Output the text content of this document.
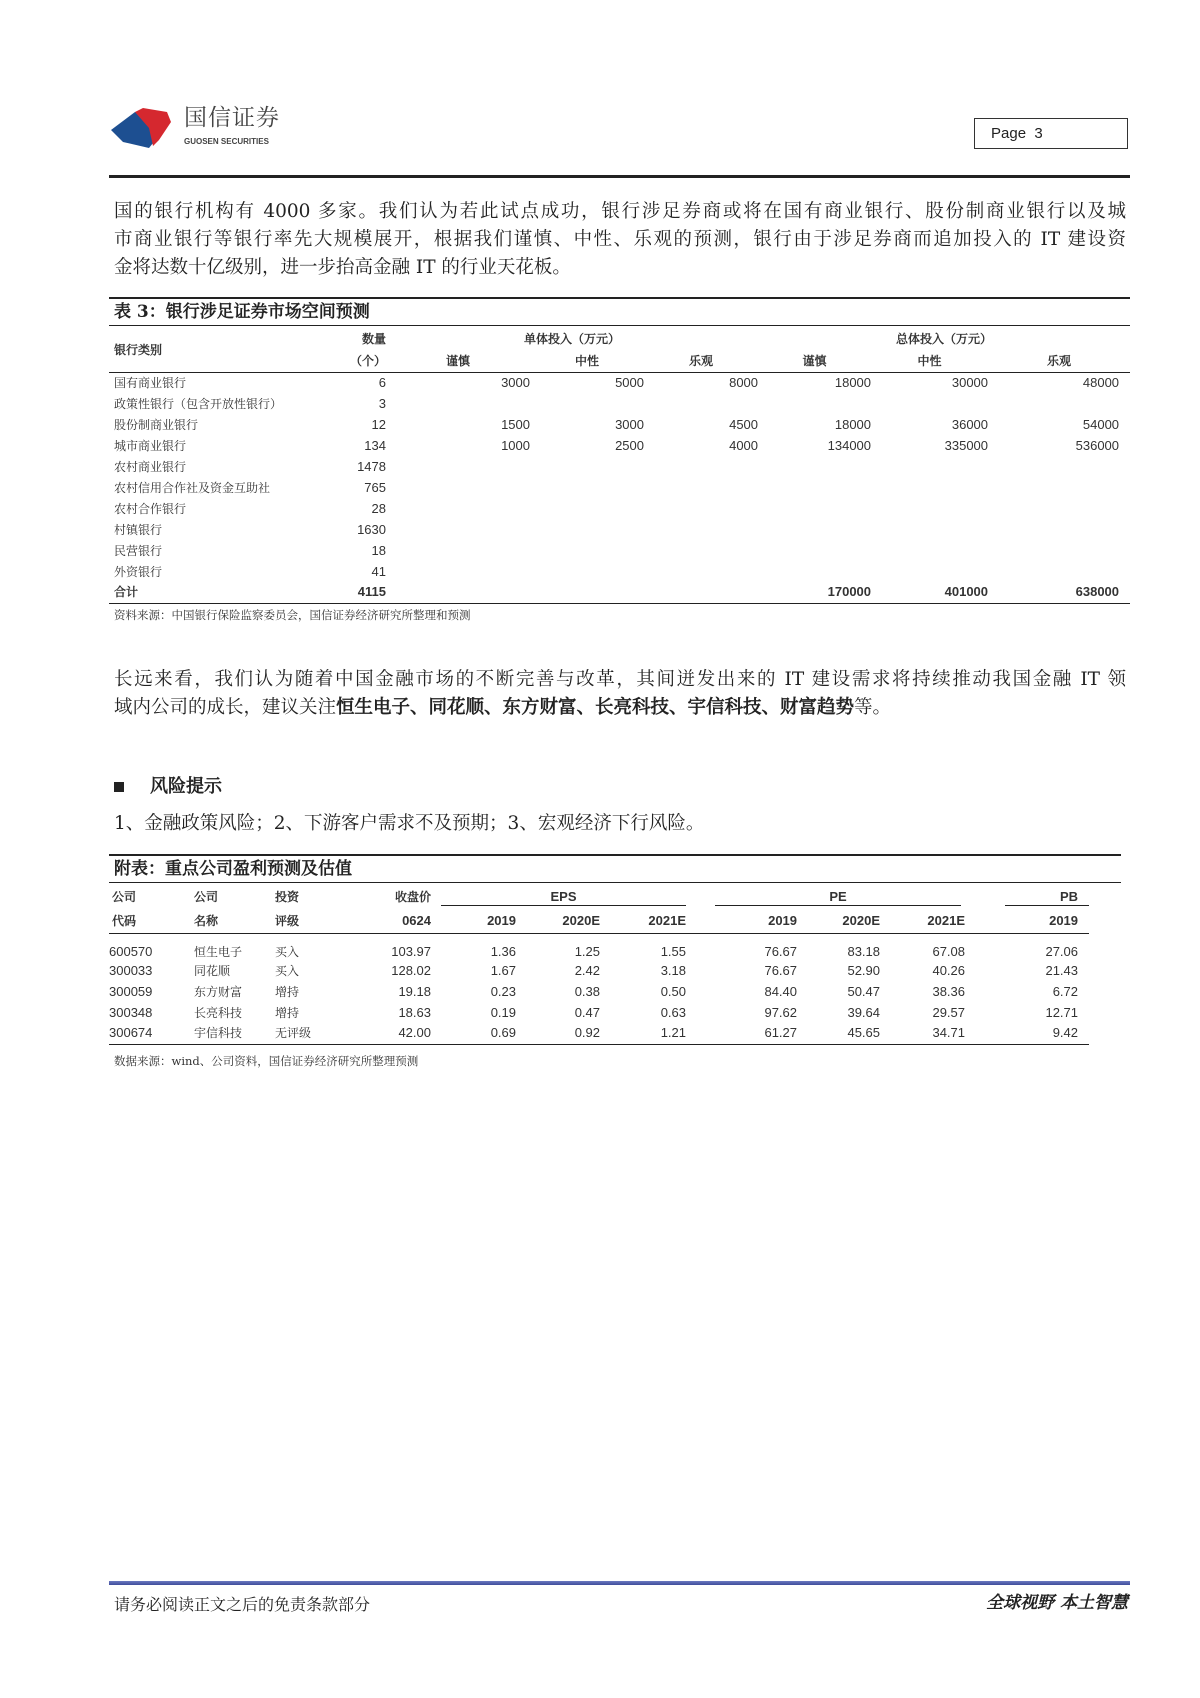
国信证券
GUOSEN SECURITIES	Page 3
国的银行机构有 4000 多家。我们认为若此试点成功，银行涉足券商或将在国有商业银行、股份制商业银行以及城
市商业银行等银行率先大规模展开，根据我们谨慎、中性、乐观的预测，银行由于涉足券商而追加投入的 IT 建设资
金将达数十亿级别，进一步抬高金融 IT 的行业天花板。
表 3：银行涉足证券市场空间预测
银行类别	数量	单体投入（万元）			总体投入（万元）		
	（个）	谨慎	中性	乐观	谨慎	中性	乐观
国有商业银行	6	3000	5000	8000	18000	30000	48000
政策性银行（包含开放性银行）	3						
股份制商业银行	12	1500	3000	4500	18000	36000	54000
城市商业银行	134	1000	2500	4000	134000	335000	536000
农村商业银行	1478						
农村信用合作社及资金互助社	765						
农村合作银行	28						
村镇银行	1630						
民营银行	18						
外资银行	41						
合计	4115				170000	401000	638000
资料来源：中国银行保险监察委员会，国信证券经济研究所整理和预测
长远来看，我们认为随着中国金融市场的不断完善与改革，其间迸发出来的 IT 建设需求将持续推动我国金融 IT 领
域内公司的成长，建议关注恒生电子、同花顺、东方财富、长亮科技、宇信科技、财富趋势等。
风险提示
1、金融政策风险；2、下游客户需求不及预期；3、宏观经济下行风险。
附表：重点公司盈利预测及估值
公司	公司	投资	收盘价	EPS			PE			PB

代码	名称	评级	0624	2019	2020E	2021E	2019	2020E	2021E	2019
600570	恒生电子	买入	103.97	1.36	1.25	1.55	76.67	83.18	67.08	27.06
300033	同花顺	买入	128.02	1.67	2.42	3.18	76.67	52.90	40.26	21.43
300059	东方财富	增持	19.18	0.23	0.38	0.50	84.40	50.47	38.36	6.72
300348	长亮科技	增持	18.63	0.19	0.47	0.63	97.62	39.64	29.57	12.71
300674	宇信科技	无评级	42.00	0.69	0.92	1.21	61.27	45.65	34.71	9.42
数据来源：wind、公司资料，国信证券经济研究所整理预测
请务必阅读正文之后的免责条款部分	全球视野 本土智慧
